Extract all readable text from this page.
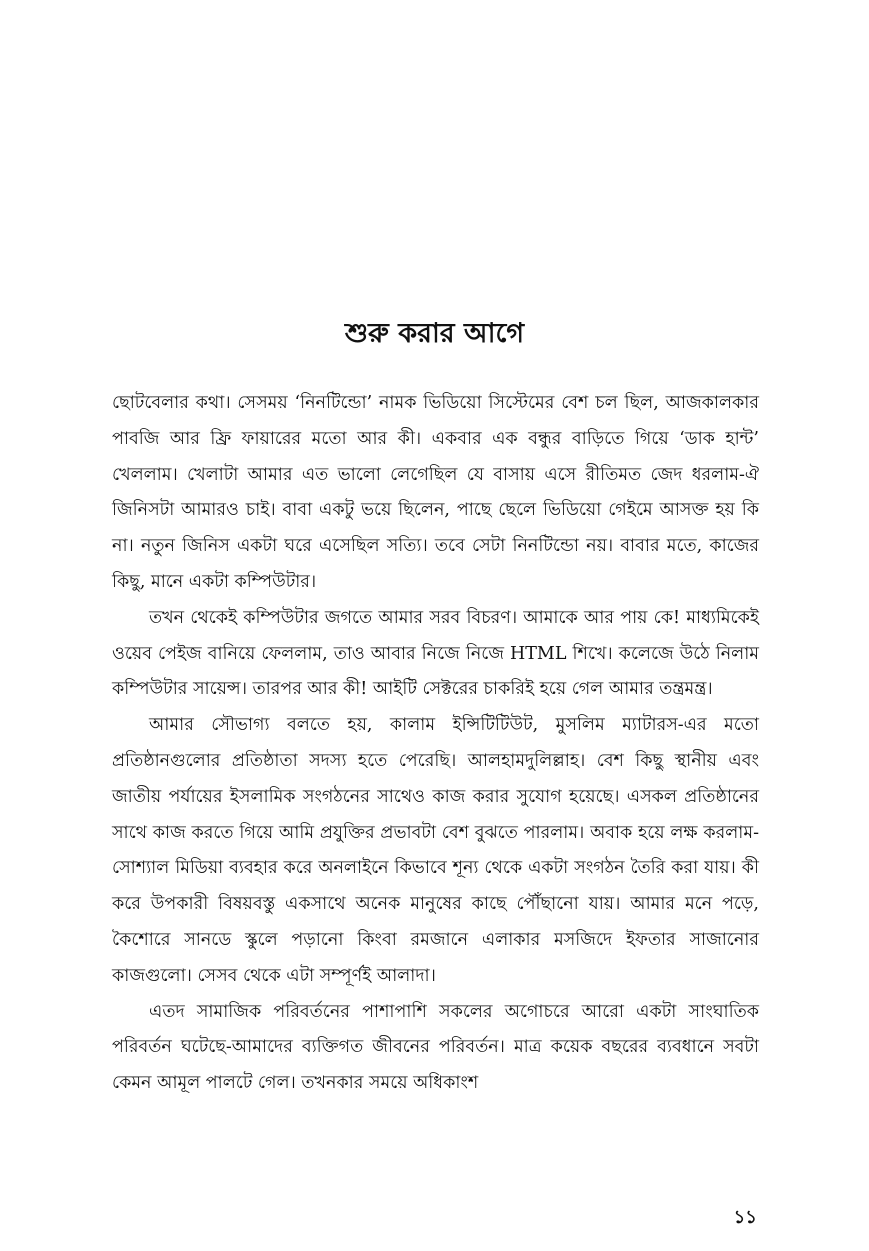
শুরু করার আগে

ছোটবেলার কথা। সেসময় ‘নিনটিন্ডো’ নামক ভিডিয়ো সিস্টেমের বেশ চল ছিল, আজকালকার পাবজি আর ফ্রি ফায়ারের মতো আর কী। একবার এক বন্ধুর বাড়িতে গিয়ে ‘ডাক হান্ট’ খেললাম। খেলাটা আমার এত ভালো লেগেছিল যে বাসায় এসে রীতিমত জেদ ধরলাম-ঐ জিনিসটা আমারও চাই। বাবা একটু ভয়ে ছিলেন, পাছে ছেলে ভিডিয়ো গেইমে আসক্ত হয় কি না। নতুন জিনিস একটা ঘরে এসেছিল সত্যি। তবে সেটা নিনটিন্ডো নয়। বাবার মতে, কাজের কিছু, মানে একটা কম্পিউটার।

তখন থেকেই কম্পিউটার জগতে আমার সরব বিচরণ। আমাকে আর পায় কে! মাধ্যমিকেই ওয়েব পেইজ বানিয়ে ফেললাম, তাও আবার নিজে নিজে HTML শিখে। কলেজে উঠে নিলাম কম্পিউটার সায়েন্স। তারপর আর কী! আইটি সেক্টরের চাকরিই হয়ে গেল আমার তন্ত্রমন্ত্র।

আমার সৌভাগ্য বলতে হয়, কালাম ইন্সিটিটিউট, মুসলিম ম্যাটারস-এর মতো প্রতিষ্ঠানগুলোর প্রতিষ্ঠাতা সদস্য হতে পেরেছি। আলহামদুলিল্লাহ। বেশ কিছু স্থানীয় এবং জাতীয় পর্যায়ের ইসলামিক সংগঠনের সাথেও কাজ করার সুযোগ হয়েছে। এসকল প্রতিষ্ঠানের সাথে কাজ করতে গিয়ে আমি প্রযুক্তির প্রভাবটা বেশ বুঝতে পারলাম। অবাক হয়ে লক্ষ করলাম-সোশ্যাল মিডিয়া ব্যবহার করে অনলাইনে কিভাবে শূন্য থেকে একটা সংগঠন তৈরি করা যায়। কী করে উপকারী বিষয়বস্তু একসাথে অনেক মানুষের কাছে পৌঁছানো যায়। আমার মনে পড়ে, কৈশোরে সানডে স্কুলে পড়ানো কিংবা রমজানে এলাকার মসজিদে ইফতার সাজানোর কাজগুলো। সেসব থেকে এটা সম্পূর্ণই আলাদা।

এতদ সামাজিক পরিবর্তনের পাশাপাশি সকলের অগোচরে আরো একটা সাংঘাতিক পরিবর্তন ঘটেছে-আমাদের ব্যক্তিগত জীবনের পরিবর্তন। মাত্র কয়েক বছরের ব্যবধানে সবটা কেমন আমূল পালটে গেল। তখনকার সময়ে অধিকাংশ

১১
